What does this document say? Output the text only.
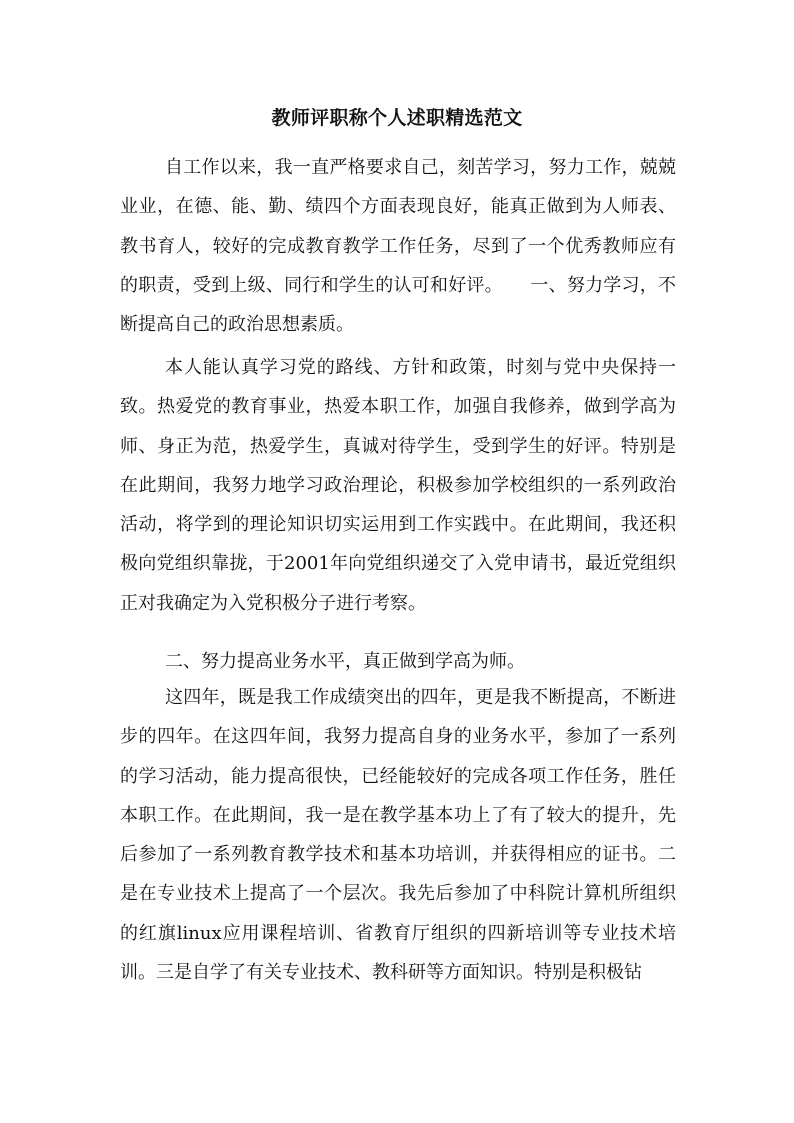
教师评职称个人述职精选范文

自工作以来，我一直严格要求自己，刻苦学习，努力工作，兢兢业业，在德、能、勤、绩四个方面表现良好，能真正做到为人师表、教书育人，较好的完成教育教学工作任务，尽到了一个优秀教师应有的职责，受到上级、同行和学生的认可和好评。　　一、努力学习，不断提高自己的政治思想素质。

本人能认真学习党的路线、方针和政策，时刻与党中央保持一致。热爱党的教育事业，热爱本职工作，加强自我修养，做到学高为师、身正为范，热爱学生，真诚对待学生，受到学生的好评。特别是在此期间，我努力地学习政治理论，积极参加学校组织的一系列政治活动，将学到的理论知识切实运用到工作实践中。在此期间，我还积极向党组织靠拢，于2001年向党组织递交了入党申请书，最近党组织正对我确定为入党积极分子进行考察。

二、努力提高业务水平，真正做到学高为师。

这四年，既是我工作成绩突出的四年，更是我不断提高，不断进步的四年。在这四年间，我努力提高自身的业务水平，参加了一系列的学习活动，能力提高很快，已经能较好的完成各项工作任务，胜任本职工作。在此期间，我一是在教学基本功上了有了较大的提升，先后参加了一系列教育教学技术和基本功培训，并获得相应的证书。二是在专业技术上提高了一个层次。我先后参加了中科院计算机所组织的红旗linux应用课程培训、省教育厅组织的四新培训等专业技术培训。三是自学了有关专业技术、教科研等方面知识。特别是积极钻
